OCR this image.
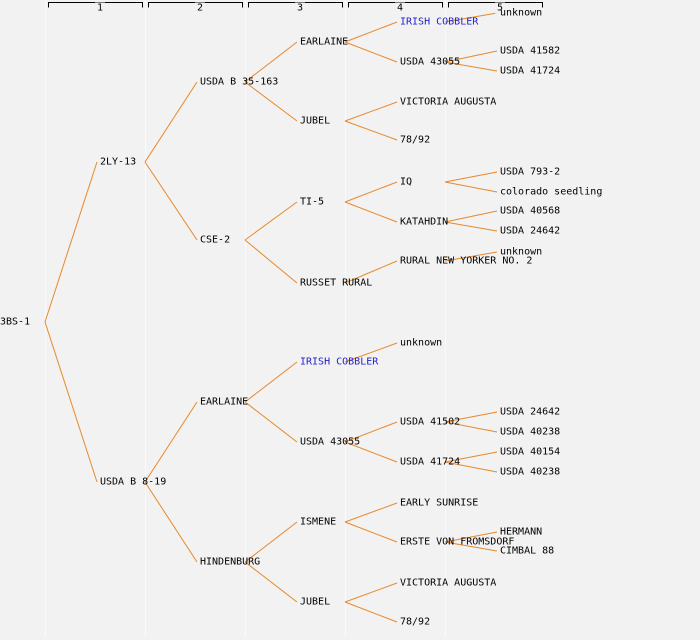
1	2	3	4	5
3BS-1
2LY-13
USDA B 35-163
EARLAINE
IRISH COBBLER
unknown
USDA 43055
USDA 41582
USDA 41724
JUBEL
VICTORIA AUGUSTA
78/92
CSE-2
TI-5
IQ
USDA 793-2
colorado seedling
KATAHDIN
USDA 40568
USDA 24642
RUSSET RURAL
RURAL NEW YORKER NO. 2
unknown
USDA B 8-19
EARLAINE
IRISH COBBLER
unknown
USDA 43055
USDA 41502
USDA 24642
USDA 40238
USDA 41724
USDA 40154
USDA 40238
HINDENBURG
ISMENE
EARLY SUNRISE
ERSTE VON FROMSDORF
HERMANN
CIMBAL 88
JUBEL
VICTORIA AUGUSTA
78/92
